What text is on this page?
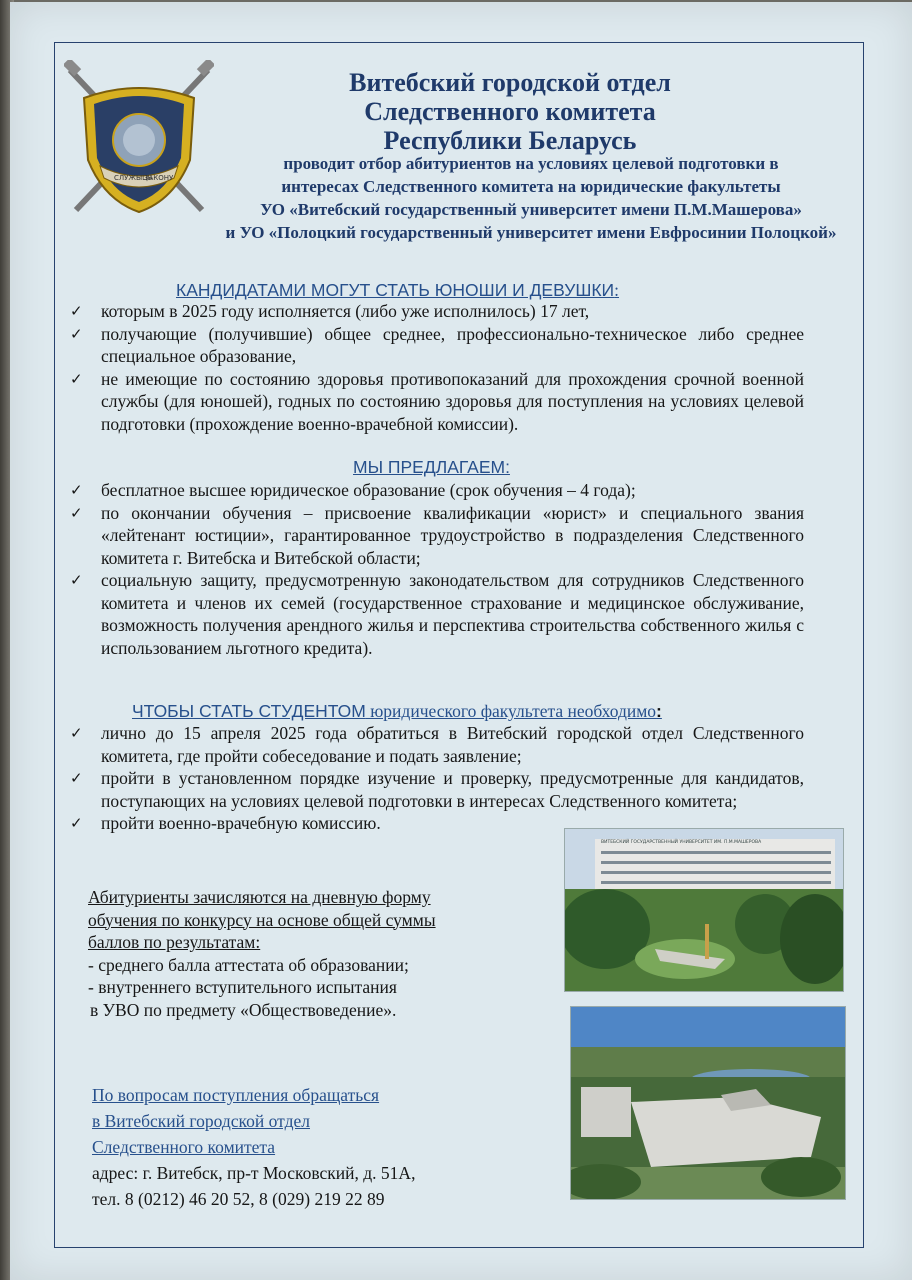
СЛУЖЫЦЬ
ЗАКОНУ
Витебский городской отдел
Следственного комитета
Республики Беларусь
проводит отбор абитуриентов на условиях целевой подготовки в
интересах Следственного комитета на юридические факультеты
УО «Витебский государственный университет имени П.М.Машерова»
и УО «Полоцкий государственный университет имени Евфросинии Полоцкой»
КАНДИДАТАМИ МОГУТ СТАТЬ ЮНОШИ И ДЕВУШКИ:
✓ которым в 2025 году исполняется (либо уже исполнилось) 17 лет,
✓ получающие (получившие) общее среднее, профессионально-техническое либо среднее специальное образование,
✓ не имеющие по состоянию здоровья противопоказаний для прохождения срочной военной службы (для юношей), годных по состоянию здоровья для поступления на условиях целевой подготовки (прохождение военно-врачебной комиссии).
МЫ ПРЕДЛАГАЕМ:
✓ бесплатное высшее юридическое образование (срок обучения – 4 года);
✓ по окончании обучения – присвоение квалификации «юрист» и специального звания «лейтенант юстиции», гарантированное трудоустройство в подразделения Следственного комитета г. Витебска и Витебской области;
✓ социальную защиту, предусмотренную законодательством для сотрудников Следственного комитета и членов их семей (государственное страхование и медицинское обслуживание, возможность получения арендного жилья и перспектива строительства собственного жилья с использованием льготного кредита).
ЧТОБЫ СТАТЬ СТУДЕНТОМ юридического факультета необходимо:
✓ лично до 15 апреля 2025 года обратиться в Витебский городской отдел Следственного комитета, где пройти собеседование и подать заявление;
✓ пройти в установленном порядке изучение и проверку, предусмотренные для кандидатов, поступающих на условиях целевой подготовки в интересах Следственного комитета;
✓ пройти военно-врачебную комиссию.
Абитуриенты зачисляются на дневную форму
обучения по конкурсу на основе общей суммы
баллов по результатам:
- среднего балла аттестата об образовании;
- внутреннего вступительного испытания
в УВО по предмету «Обществоведение».
По вопросам поступления обращаться
в Витебский городской отдел
Следственного комитета
адрес: г. Витебск, пр-т Московский, д. 51А,
тел. 8 (0212) 46 20 52, 8 (029) 219 22 89
ВИТЕБСКИЙ ГОСУДАРСТВЕННЫЙ УНИВЕРСИТЕТ ИМ. П.М.МАШЕРОВА
